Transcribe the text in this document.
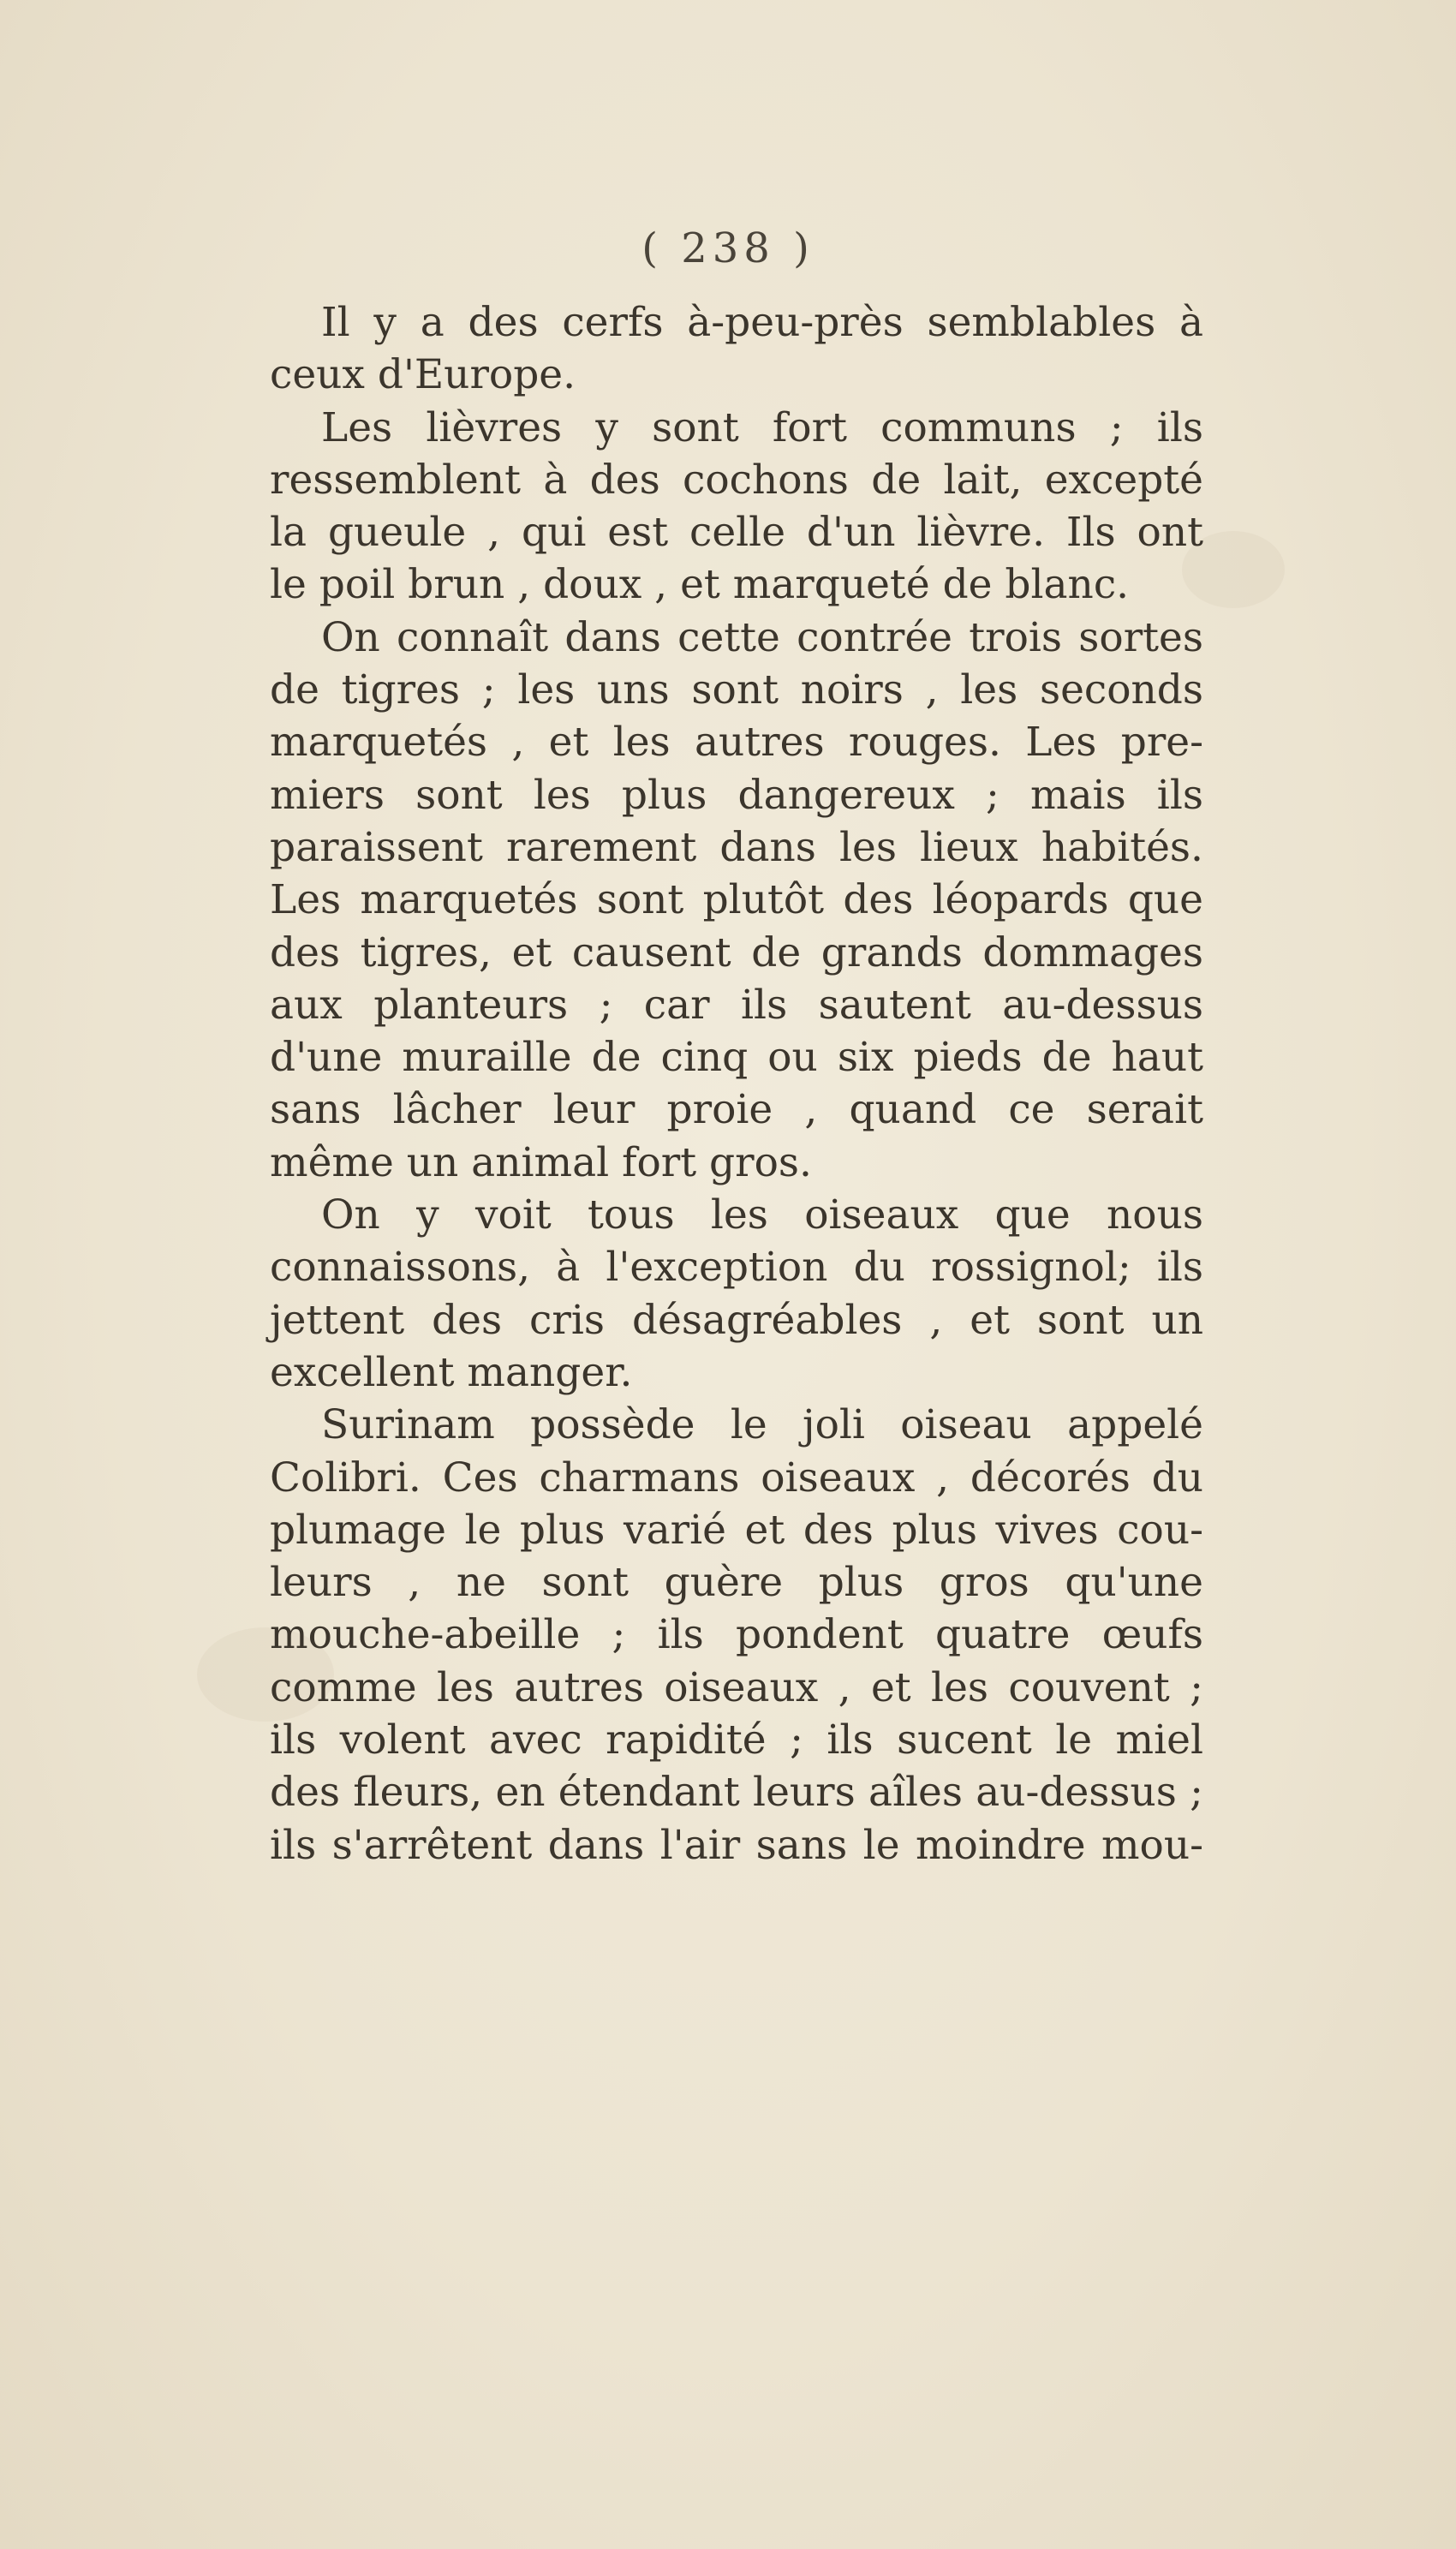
( 238 )
Il y a des cerfs à-peu-près semblables à
ceux d'Europe.
Les lièvres y sont fort communs ; ils
ressemblent à des cochons de lait, excepté
la gueule , qui est celle d'un lièvre. Ils ont
le poil brun , doux , et marqueté de blanc.
On connaît dans cette contrée trois sortes
de tigres ; les uns sont noirs , les seconds
marquetés , et les autres rouges. Les pre-
miers sont les plus dangereux ; mais ils
paraissent rarement dans les lieux habités.
Les marquetés sont plutôt des léopards que
des tigres, et causent de grands dommages
aux planteurs ; car ils sautent au-dessus
d'une muraille de cinq ou six pieds de haut
sans lâcher leur proie , quand ce serait
même un animal fort gros.
On y voit tous les oiseaux que nous
connaissons, à l'exception du rossignol; ils
jettent des cris désagréables , et sont un
excellent manger.
Surinam possède le joli oiseau appelé
Colibri. Ces charmans oiseaux , décorés du
plumage le plus varié et des plus vives cou-
leurs , ne sont guère plus gros qu'une
mouche-abeille ; ils pondent quatre œufs
comme les autres oiseaux , et les couvent ;
ils volent avec rapidité ; ils sucent le miel
des fleurs, en étendant leurs aîles au-dessus ;
ils s'arrêtent dans l'air sans le moindre mou-
